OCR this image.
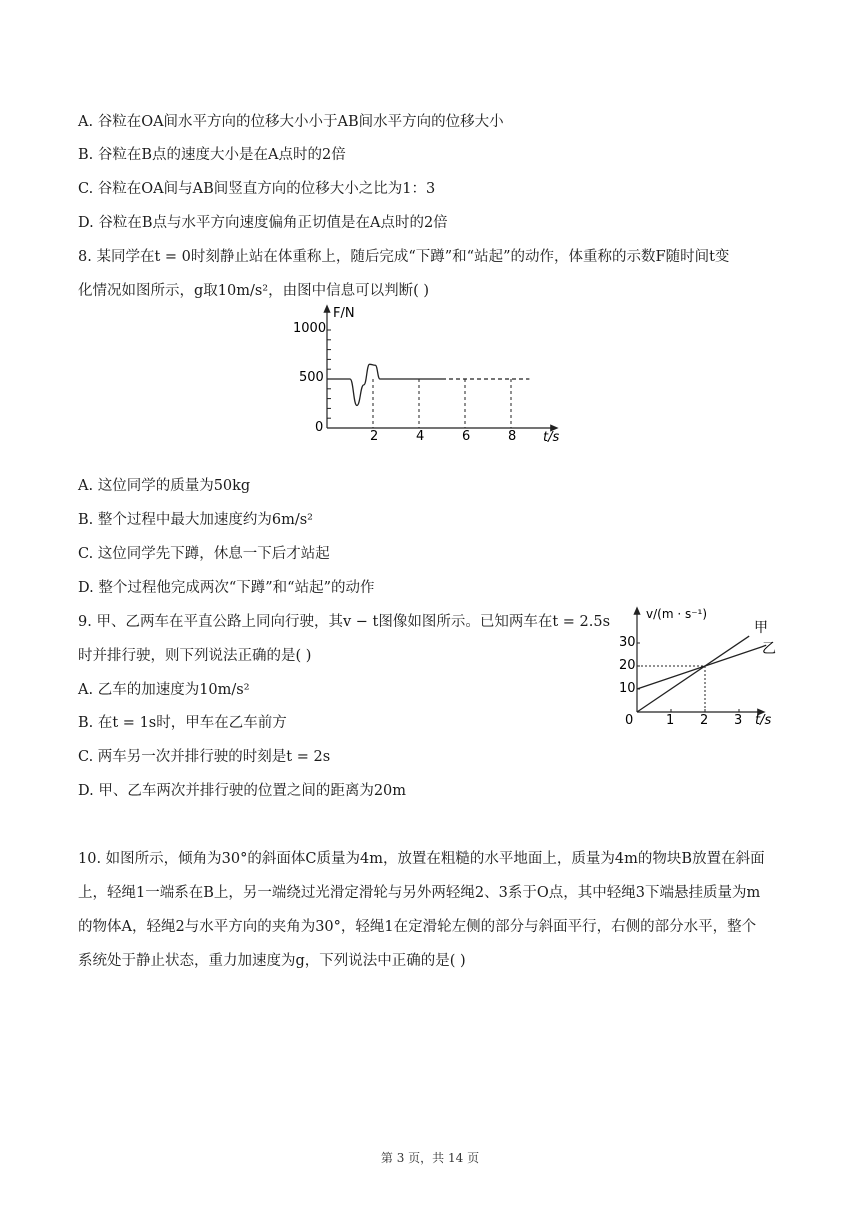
A. 谷粒在OA间水平方向的位移大小小于AB间水平方向的位移大小
B. 谷粒在B点的速度大小是在A点时的2倍
C. 谷粒在OA间与AB间竖直方向的位移大小之比为1：3
D. 谷粒在B点与水平方向速度偏角正切值是在A点时的2倍
8. 某同学在t = 0时刻静止站在体重称上，随后完成“下蹲”和“站起”的动作，体重称的示数F随时间t变
化情况如图所示，g取10m/s²，由图中信息可以判断( )
F/N
t/s
0
1000
500
2	4	6	8
A. 这位同学的质量为50kg
B. 整个过程中最大加速度约为6m/s²
C. 这位同学先下蹲，休息一下后才站起
D. 整个过程他完成两次“下蹲”和“站起”的动作
9. 甲、乙两车在平直公路上同向行驶，其v − t图像如图所示。已知两车在t = 2.5s
时并排行驶，则下列说法正确的是( )
A. 乙车的加速度为10m/s²
B. 在t = 1s时，甲车在乙车前方
C. 两车另一次并排行驶的时刻是t = 2s
D. 甲、乙车两次并排行驶的位置之间的距离为20m
v/(m · s⁻¹)
甲
乙
t/s
0
30
20
10
1 2 3
10. 如图所示，倾角为30°的斜面体C质量为4m，放置在粗糙的水平地面上，质量为4m的物块B放置在斜面
上，轻绳1一端系在B上，另一端绕过光滑定滑轮与另外两轻绳2、3系于O点，其中轻绳3下端悬挂质量为m
的物体A，轻绳2与水平方向的夹角为30°，轻绳1在定滑轮左侧的部分与斜面平行，右侧的部分水平，整个
系统处于静止状态，重力加速度为g，下列说法中正确的是( )
第 3 页，共 14 页
